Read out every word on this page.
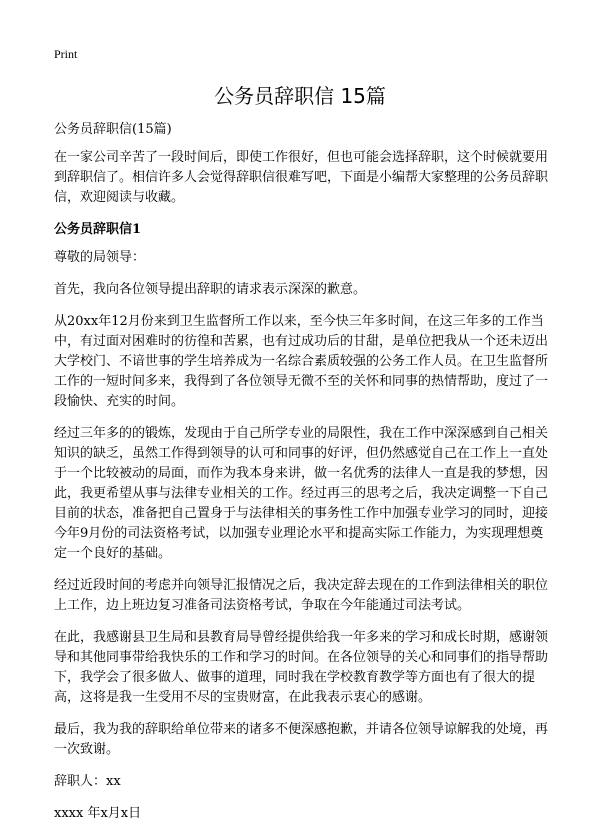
Print
公务员辞职信 15篇

公务员辞职信(15篇)

在一家公司辛苦了一段时间后，即使工作很好，但也可能会选择辞职，这个时候就要用到辞职信了。相信许多人会觉得辞职信很难写吧，下面是小编帮大家整理的公务员辞职信，欢迎阅读与收藏。

公务员辞职信1

尊敬的局领导：

首先，我向各位领导提出辞职的请求表示深深的歉意。

从20xx年12月份来到卫生监督所工作以来，至今快三年多时间，在这三年多的工作当中，有过面对困难时的彷徨和苦累，也有过成功后的甘甜，是单位把我从一个还未迈出大学校门、不谙世事的学生培养成为一名综合素质较强的公务工作人员。在卫生监督所工作的一短时间多来，我得到了各位领导无微不至的关怀和同事的热情帮助，度过了一段愉快、充实的时间。

经过三年多的的锻炼，发现由于自己所学专业的局限性，我在工作中深深感到自己相关知识的缺乏，虽然工作得到领导的认可和同事的好评，但仍然感觉自己在工作上一直处于一个比较被动的局面，而作为我本身来讲，做一名优秀的法律人一直是我的梦想，因此，我更希望从事与法律专业相关的工作。经过再三的思考之后，我决定调整一下自己目前的状态，准备把自己置身于与法律相关的事务性工作中加强专业学习的同时，迎接今年9月份的司法资格考试，以加强专业理论水平和提高实际工作能力，为实现理想奠定一个良好的基础。

经过近段时间的考虑并向领导汇报情况之后，我决定辞去现在的工作到法律相关的职位上工作，边上班边复习准备司法资格考试，争取在今年能通过司法考试。

在此，我感谢县卫生局和县教育局导曾经提供给我一年多来的学习和成长时期，感谢领导和其他同事带给我快乐的工作和学习的时间。在各位领导的关心和同事们的指导帮助下，我学会了很多做人、做事的道理，同时我在学校教育教学等方面也有了很大的提高，这将是我一生受用不尽的宝贵财富，在此我表示衷心的感谢。

最后，我为我的辞职给单位带来的诸多不便深感抱歉，并请各位领导谅解我的处境，再一次致谢。

辞职人：xx

xxxx 年x月x日
